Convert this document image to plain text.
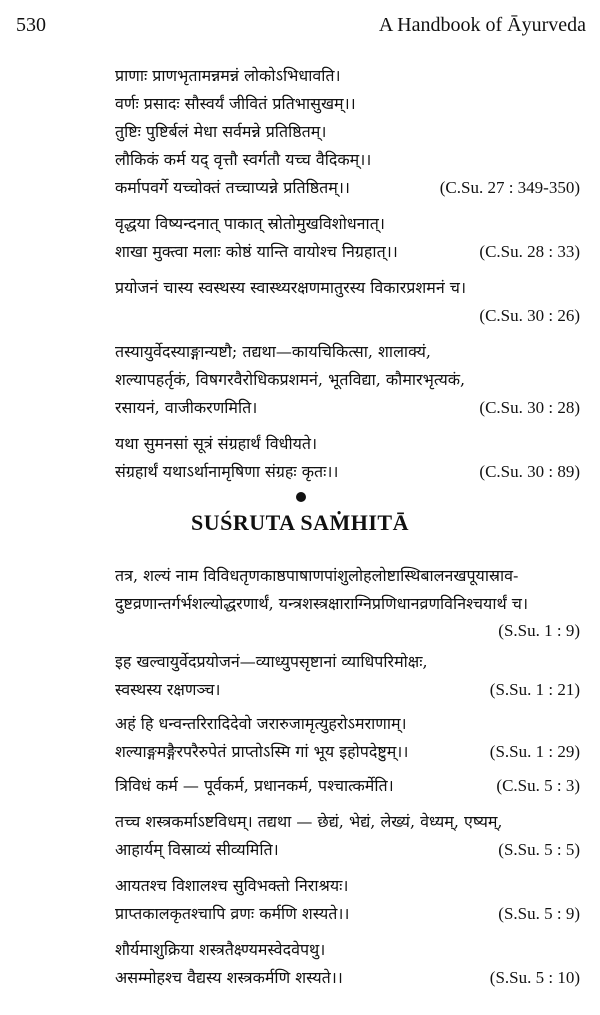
530	A Handbook of Āyurveda
प्राणाः प्राणभृतामन्नमन्नं लोकोऽभिधावति।
वर्णः प्रसादः सौस्वर्यं जीवितं प्रतिभासुखम्।।
तुष्टिः पुष्टिर्बलं मेधा सर्वमन्ने प्रतिष्ठितम्।
लौकिकं कर्म यद् वृत्तौ स्वर्गतौ यच्च वैदिकम्।।
कर्मापवर्गे यच्चोक्तं तच्चाप्यन्ने प्रतिष्ठितम्।।	(C.Su. 27 : 349-350)
वृद्धया विष्यन्दनात् पाकात् स्रोतोमुखविशोधनात्।
शाखा मुक्त्वा मलाः कोष्ठं यान्ति वायोश्च निग्रहात्।।	(C.Su. 28 : 33)
प्रयोजनं चास्य स्वस्थस्य स्वास्थ्यरक्षणमातुरस्य विकारप्रशमनं च।
(C.Su. 30 : 26)
तस्यायुर्वेदस्याङ्गान्यष्टौ; तद्यथा—कायचिकित्सा, शालाक्यं,
शल्यापहर्तृकं, विषगरवैरोधिकप्रशमनं, भूतविद्या, कौमारभृत्यकं,
रसायनं, वाजीकरणमिति।	(C.Su. 30 : 28)
यथा सुमनसां सूत्रं संग्रहार्थं विधीयते।
संग्रहार्थं यथाऽर्थानामृषिणा संग्रहः कृतः।।	(C.Su. 30 : 89)
SUŚRUTA SAṀHITĀ
तत्र, शल्यं नाम विविधतृणकाष्ठपाषाणपांशुलोहलोष्टास्थिबालनखपूयास्राव-
दुष्टव्रणान्तर्गर्भशल्योद्धरणार्थं, यन्त्रशस्त्रक्षाराग्निप्रणिधानव्रणविनिश्चयार्थं च।
(S.Su. 1 : 9)
इह खल्वायुर्वेदप्रयोजनं—व्याध्युपसृष्टानां व्याधिपरिमोक्षः,
स्वस्थस्य रक्षणञ्च।	(S.Su. 1 : 21)
अहं हि धन्वन्तरिरादिदेवो जरारुजामृत्युहरोऽमराणाम्।
शल्याङ्गमङ्गैरपरैरुपेतं प्राप्तोऽस्मि गां भूय इहोपदेष्टुम्।।	(S.Su. 1 : 29)
त्रिविधं कर्म — पूर्वकर्म, प्रधानकर्म, पश्चात्कर्मेति।	(C.Su. 5 : 3)
तच्च शस्त्रकर्माऽष्टविधम्। तद्यथा — छेद्यं, भेद्यं, लेख्यं, वेध्यम्, एष्यम्,
आहार्यम् विस्राव्यं सीव्यमिति।	(S.Su. 5 : 5)
आयतश्च विशालश्च सुविभक्तो निराश्रयः।
प्राप्तकालकृतश्चापि व्रणः कर्मणि शस्यते।।	(S.Su. 5 : 9)
शौर्यमाशुक्रिया शस्त्रतैक्ष्ण्यमस्वेदवेपथु।
असम्मोहश्च वैद्यस्य शस्त्रकर्मणि शस्यते।।	(S.Su. 5 : 10)
